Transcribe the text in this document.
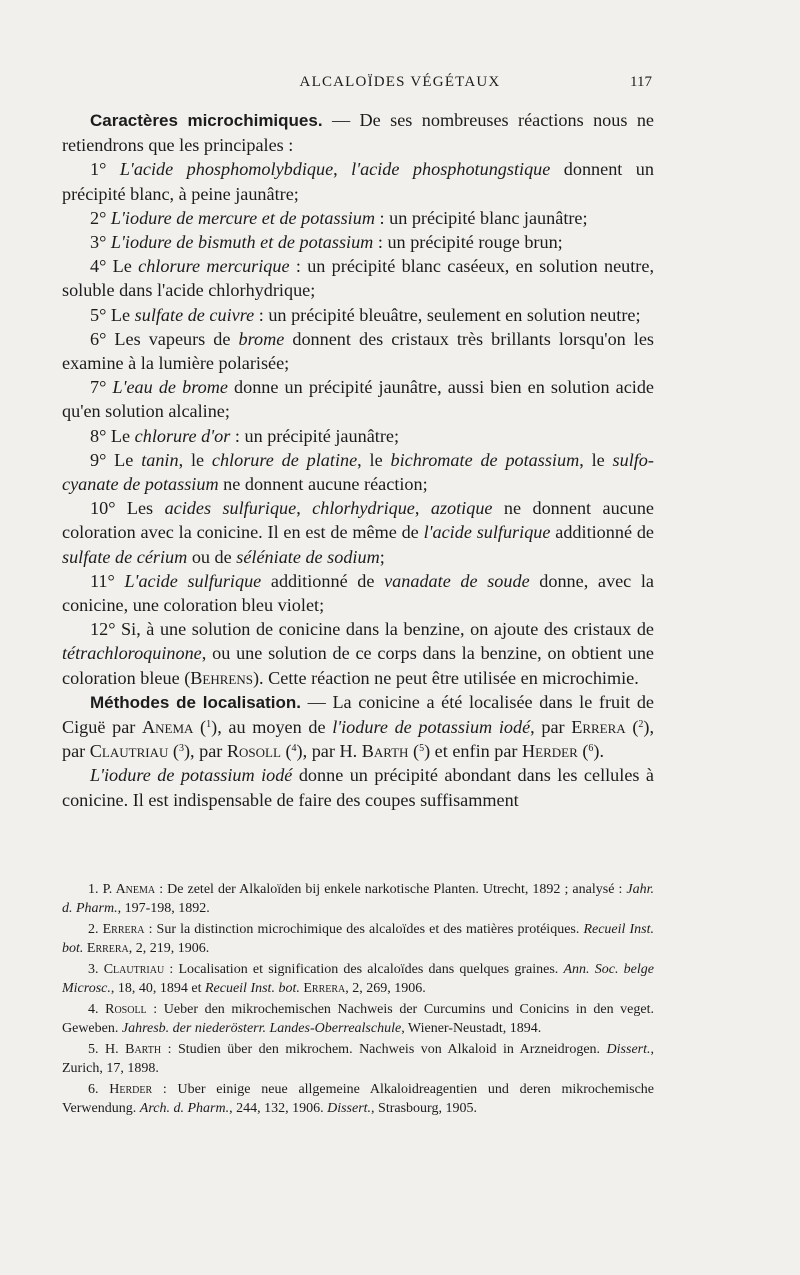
ALCALOÏDES VÉGÉTAUX	117

Caractères microchimiques. — De ses nombreuses réactions nous ne retiendrons que les principales :

1° L'acide phosphomolybdique, l'acide phosphotungstique donnent un précipité blanc, à peine jaunâtre;

2° L'iodure de mercure et de potassium : un précipité blanc jaunâtre;

3° L'iodure de bismuth et de potassium : un précipité rouge brun;

4° Le chlorure mercurique : un précipité blanc caséeux, en solution neutre, soluble dans l'acide chlorhydrique;

5° Le sulfate de cuivre : un précipité bleuâtre, seulement en solution neutre;

6° Les vapeurs de brome donnent des cristaux très brillants lorsqu'on les examine à la lumière polarisée;

7° L'eau de brome donne un précipité jaunâtre, aussi bien en solution acide qu'en solution alcaline;

8° Le chlorure d'or : un précipité jaunâtre;

9° Le tanin, le chlorure de platine, le bichromate de potassium, le sulfo-cyanate de potassium ne donnent aucune réaction;

10° Les acides sulfurique, chlorhydrique, azotique ne donnent aucune coloration avec la conicine. Il en est de même de l'acide sulfurique additionné de sulfate de cérium ou de séléniate de sodium;

11° L'acide sulfurique additionné de vanadate de soude donne, avec la conicine, une coloration bleu violet;

12° Si, à une solution de conicine dans la benzine, on ajoute des cristaux de tétrachloroquinone, ou une solution de ce corps dans la benzine, on obtient une coloration bleue (Behrens). Cette réaction ne peut être utilisée en microchimie.

Méthodes de localisation. — La conicine a été localisée dans le fruit de Ciguë par Anema ($^1$), au moyen de l'iodure de potassium iodé, par Errera ($^2$), par Clautriau ($^3$), par Rosoll ($^4$), par H. Barth ($^5$) et enfin par Herder ($^6$).

L'iodure de potassium iodé donne un précipité abondant dans les cellules à conicine. Il est indispensable de faire des coupes suffisamment

1. P. Anema : De zetel der Alkaloïden bij enkele narkotische Planten. Utrecht, 1892 ; analysé : Jahr. d. Pharm., 197-198, 1892.

2. Errera : Sur la distinction microchimique des alcaloïdes et des matières protéiques. Recueil Inst. bot. Errera, 2, 219, 1906.

3. Clautriau : Localisation et signification des alcaloïdes dans quelques graines. Ann. Soc. belge Microsc., 18, 40, 1894 et Recueil Inst. bot. Errera, 2, 269, 1906.

4. Rosoll : Ueber den mikrochemischen Nachweis der Curcumins und Conicins in den veget. Geweben. Jahresb. der niederösterr. Landes-Oberrealschule, Wiener-Neustadt, 1894.

5. H. Barth : Studien über den mikrochem. Nachweis von Alkaloid in Arzneidrogen. Dissert., Zurich, 17, 1898.

6. Herder : Uber einige neue allgemeine Alkaloidreagentien und deren mikrochemische Verwendung. Arch. d. Pharm., 244, 132, 1906. Dissert., Strasbourg, 1905.
